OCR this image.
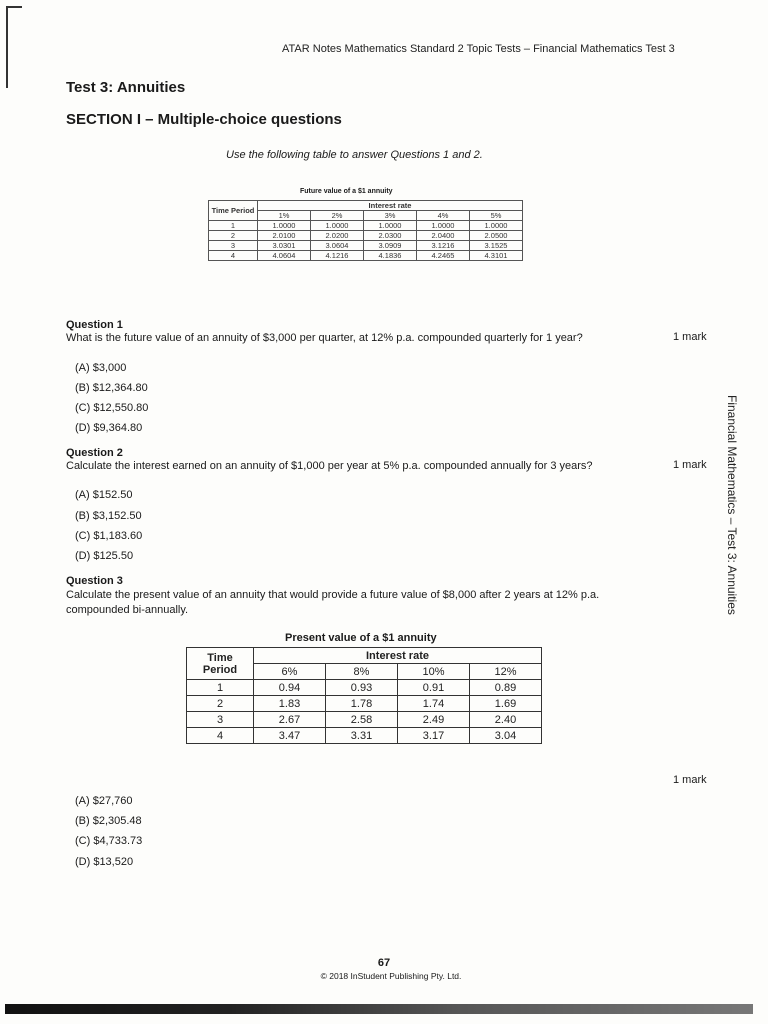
ATAR Notes Mathematics Standard 2 Topic Tests – Financial Mathematics Test 3
Test 3: Annuities
SECTION I – Multiple-choice questions
Use the following table to answer Questions 1 and 2.
Financial Mathematics – Test 3: Annuities
Future value of a $1 annuity
Time Period	Interest rate				
	1%	2%	3%	4%	5%
1	1.0000	1.0000	1.0000	1.0000	1.0000
2	2.0100	2.0200	2.0300	2.0400	2.0500
3	3.0301	3.0604	3.0909	3.1216	3.1525
4	4.0604	4.1216	4.1836	4.2465	4.3101
Question 1
What is the future value of an annuity of $3,000 per quarter, at 12% p.a. compounded quarterly for 1 year?	1 mark
(A) $3,000
(B) $12,364.80
(C) $12,550.80
(D) $9,364.80
Question 2
Calculate the interest earned on an annuity of $1,000 per year at 5% p.a. compounded annually for 3 years?	1 mark
(A) $152.50
(B) $3,152.50
(C) $1,183.60
(D) $125.50
Question 3
Calculate the present value of an annuity that would provide a future value of $8,000 after 2 years at 12% p.a.
compounded bi-annually.
Present value of a $1 annuity
Time
Period	Interest rate			
	6%	8%	10%	12%
1	0.94	0.93	0.91	0.89
2	1.83	1.78	1.74	1.69
3	2.67	2.58	2.49	2.40
4	3.47	3.31	3.17	3.04
1 mark
(A) $27,760
(B) $2,305.48
(C) $4,733.73
(D) $13,520
67
© 2018 InStudent Publishing Pty. Ltd.
